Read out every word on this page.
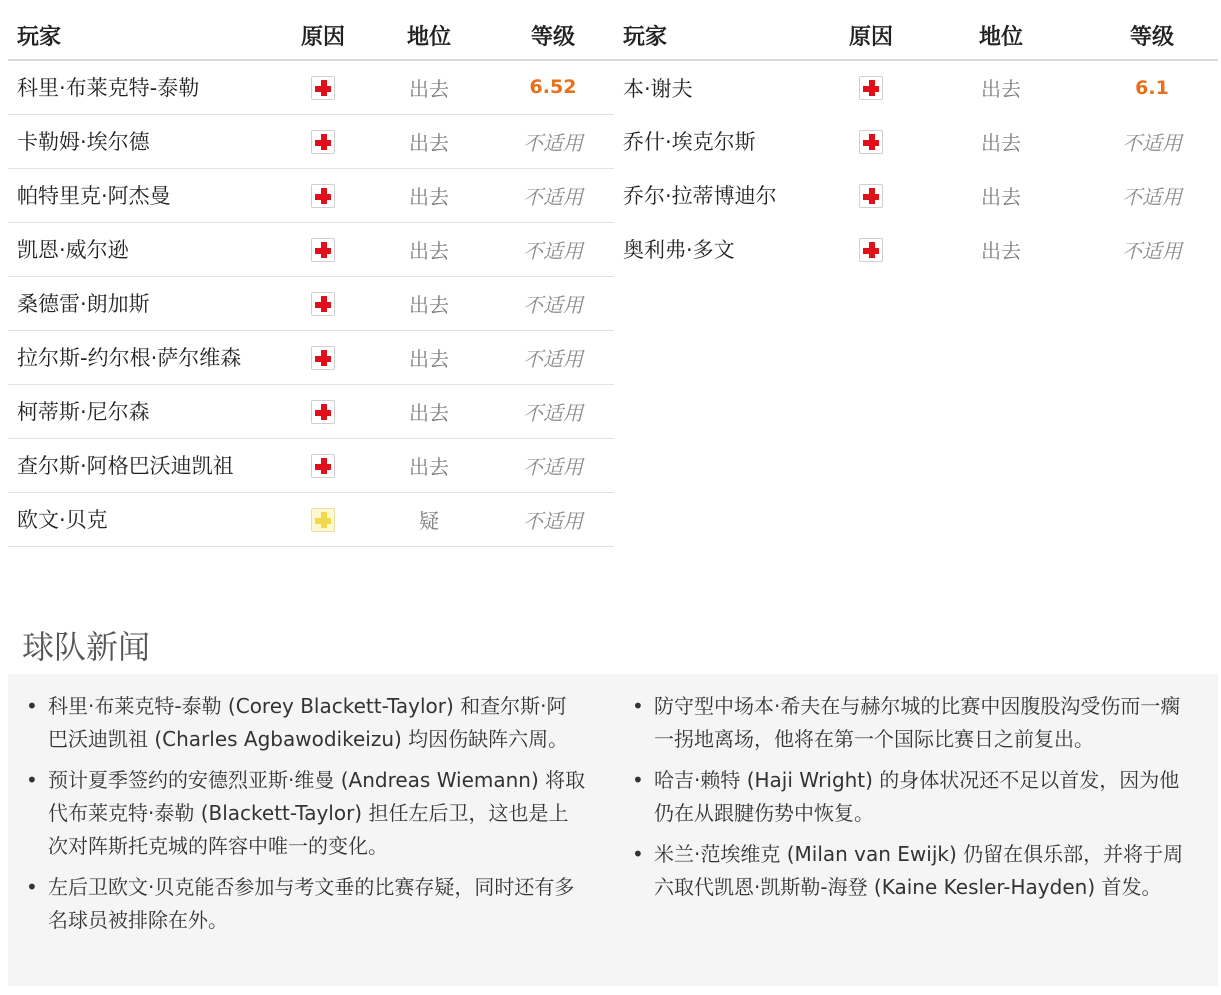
玩家	原因	地位	等级
科里·布莱克特-泰勒		出去	6.52
卡勒姆·埃尔德		出去	不适用
帕特里克·阿杰曼		出去	不适用
凯恩·威尔逊		出去	不适用
桑德雷·朗加斯		出去	不适用
拉尔斯-约尔根·萨尔维森		出去	不适用
柯蒂斯·尼尔森		出去	不适用
查尔斯·阿格巴沃迪凯祖		出去	不适用
欧文·贝克		疑	不适用
玩家	原因	地位	等级
本·谢夫		出去	6.1
乔什·埃克尔斯		出去	不适用
乔尔·拉蒂博迪尔		出去	不适用
奥利弗·多文		出去	不适用
球队新闻
• 科里·布莱克特-泰勒 (Corey Blackett-Taylor) 和查尔斯·阿巴沃迪凯祖 (Charles Agbawodikeizu) 均因伤缺阵六周。
• 预计夏季签约的安德烈亚斯·维曼 (Andreas Wiemann) 将取代布莱克特·泰勒 (Blackett-Taylor) 担任左后卫，这也是上次对阵斯托克城的阵容中唯一的变化。
• 左后卫欧文·贝克能否参加与考文垂的比赛存疑，同时还有多名球员被排除在外。
• 防守型中场本·希夫在与赫尔城的比赛中因腹股沟受伤而一瘸一拐地离场，他将在第一个国际比赛日之前复出。
• 哈吉·赖特 (Haji Wright) 的身体状况还不足以首发，因为他仍在从跟腱伤势中恢复。
• 米兰·范埃维克 (Milan van Ewijk) 仍留在俱乐部，并将于周六取代凯恩·凯斯勒-海登 (Kaine Kesler-Hayden) 首发。
